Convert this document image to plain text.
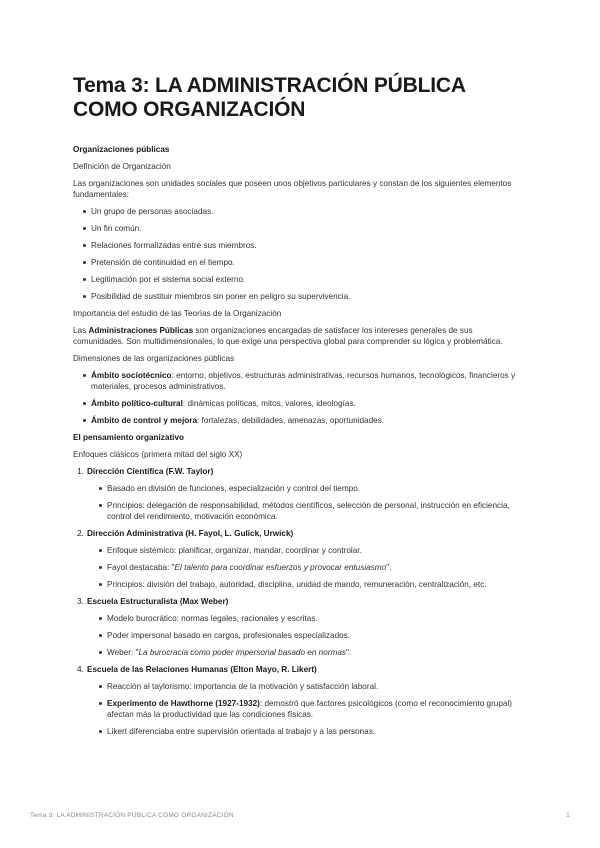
Tema 3: LA ADMINISTRACIÓN PÚBLICA
COMO ORGANIZACIÓN
Organizaciones públicas
Definición de Organización
Las organizaciones son unidades sociales que poseen unos objetivos particulares y constan de los siguientes elementos fundamentales:
Un grupo de personas asociadas.
Un fin común.
Relaciones formalizadas entre sus miembros.
Pretensión de continuidad en el tiempo.
Legitimación por el sistema social externo.
Posibilidad de sustituir miembros sin poner en peligro su supervivencia.
Importancia del estudio de las Teorías de la Organización
Las Administraciones Públicas son organizaciones encargadas de satisfacer los intereses generales de sus comunidades. Son multidimensionales, lo que exige una perspectiva global para comprender su lógica y problemática.
Dimensiones de las organizaciones públicas
Ámbito sociotécnico: entorno, objetivos, estructuras administrativas, recursos humanos, tecnológicos, financieros y materiales, procesos administrativos.
Ámbito político-cultural: dinámicas políticas, mitos, valores, ideologías.
Ámbito de control y mejora: fortalezas, debilidades, amenazas, oportunidades.
El pensamiento organizativo
Enfoques clásicos (primera mitad del siglo XX)
1. Dirección Científica (F.W. Taylor)
Basado en división de funciones, especialización y control del tiempo.
Principios: delegación de responsabilidad, métodos científicos, selección de personal, instrucción en eficiencia, control del rendimiento, motivación económica.
2. Dirección Administrativa (H. Fayol, L. Gulick, Urwick)
Enfoque sistémico: planificar, organizar, mandar, coordinar y controlar.
Fayol destacaba: "El talento para coordinar esfuerzos y provocar entusiasmo".
Principios: división del trabajo, autoridad, disciplina, unidad de mando, remuneración, centralización, etc.
3. Escuela Estructuralista (Max Weber)
Modelo burocrático: normas legales, racionales y escritas.
Poder impersonal basado en cargos, profesionales especializados.
Weber: "La burocracia como poder impersonal basado en normas".
4. Escuela de las Relaciones Humanas (Elton Mayo, R. Likert)
Reacción al taylorismo: importancia de la motivación y satisfacción laboral.
Experimento de Hawthorne (1927-1932): demostró que factores psicológicos (como el reconocimiento grupal) afectan más la productividad que las condiciones físicas.
Likert diferenciaba entre supervisión orientada al trabajo y a las personas.
Tema 3: LA ADMINISTRACIÓN PÚBLICA COMO ORGANIZACIÓN	1
